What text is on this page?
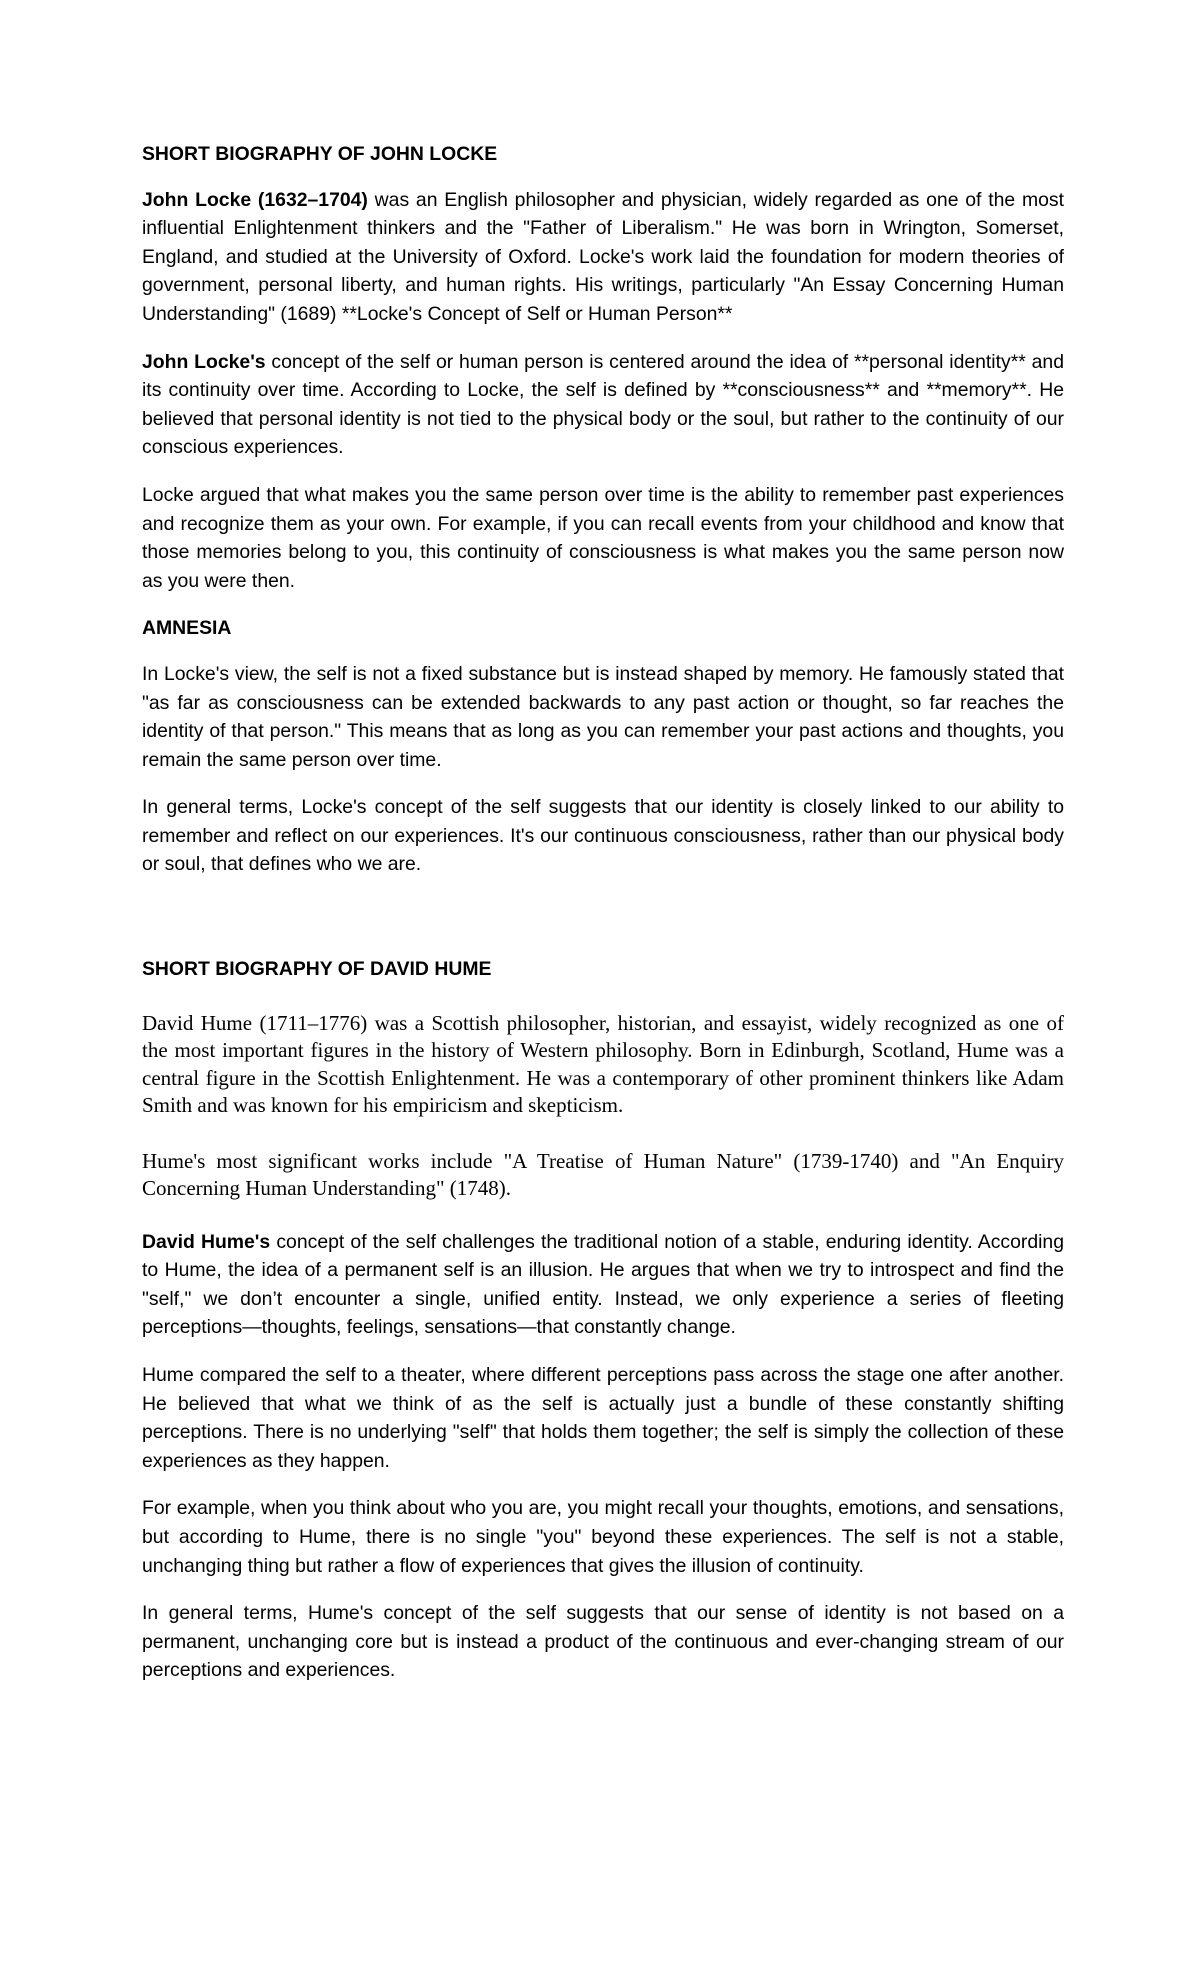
SHORT BIOGRAPHY OF JOHN LOCKE

John Locke (1632–1704) was an English philosopher and physician, widely regarded as one of the most influential Enlightenment thinkers and the "Father of Liberalism." He was born in Wrington, Somerset, England, and studied at the University of Oxford. Locke's work laid the foundation for modern theories of government, personal liberty, and human rights. His writings, particularly "An Essay Concerning Human Understanding" (1689) **Locke's Concept of Self or Human Person**

John Locke's concept of the self or human person is centered around the idea of **personal identity** and its continuity over time. According to Locke, the self is defined by **consciousness** and **memory**. He believed that personal identity is not tied to the physical body or the soul, but rather to the continuity of our conscious experiences.

Locke argued that what makes you the same person over time is the ability to remember past experiences and recognize them as your own. For example, if you can recall events from your childhood and know that those memories belong to you, this continuity of consciousness is what makes you the same person now as you were then.

AMNESIA

In Locke's view, the self is not a fixed substance but is instead shaped by memory. He famously stated that "as far as consciousness can be extended backwards to any past action or thought, so far reaches the identity of that person." This means that as long as you can remember your past actions and thoughts, you remain the same person over time.

In general terms, Locke's concept of the self suggests that our identity is closely linked to our ability to remember and reflect on our experiences. It's our continuous consciousness, rather than our physical body or soul, that defines who we are.

SHORT BIOGRAPHY OF DAVID HUME

David Hume (1711–1776) was a Scottish philosopher, historian, and essayist, widely recognized as one of the most important figures in the history of Western philosophy. Born in Edinburgh, Scotland, Hume was a central figure in the Scottish Enlightenment. He was a contemporary of other prominent thinkers like Adam Smith and was known for his empiricism and skepticism.

Hume's most significant works include "A Treatise of Human Nature" (1739-1740) and "An Enquiry Concerning Human Understanding" (1748).

David Hume's concept of the self challenges the traditional notion of a stable, enduring identity. According to Hume, the idea of a permanent self is an illusion. He argues that when we try to introspect and find the "self," we don’t encounter a single, unified entity. Instead, we only experience a series of fleeting perceptions—thoughts, feelings, sensations—that constantly change.

Hume compared the self to a theater, where different perceptions pass across the stage one after another. He believed that what we think of as the self is actually just a bundle of these constantly shifting perceptions. There is no underlying "self" that holds them together; the self is simply the collection of these experiences as they happen.

For example, when you think about who you are, you might recall your thoughts, emotions, and sensations, but according to Hume, there is no single "you" beyond these experiences. The self is not a stable, unchanging thing but rather a flow of experiences that gives the illusion of continuity.

In general terms, Hume's concept of the self suggests that our sense of identity is not based on a permanent, unchanging core but is instead a product of the continuous and ever-changing stream of our perceptions and experiences.
